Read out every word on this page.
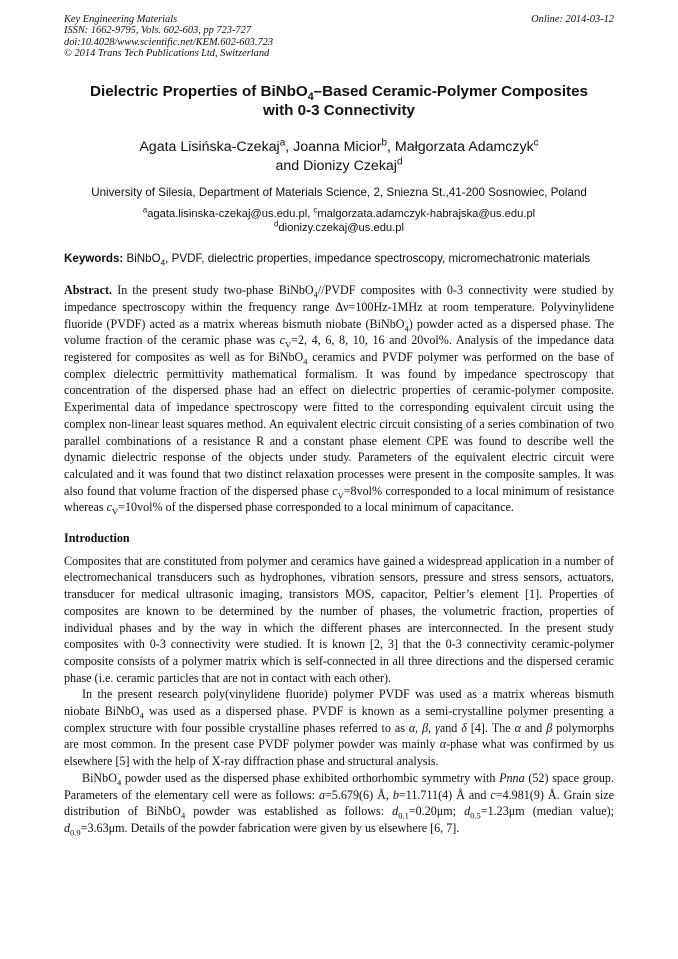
Key Engineering Materials
ISSN: 1662-9795, Vols. 602-603, pp 723-727
doi:10.4028/www.scientific.net/KEM.602-603.723
© 2014 Trans Tech Publications Ltd, Switzerland
Online: 2014-03-12
Dielectric Properties of BiNbO$_4$–Based Ceramic-Polymer Composites
with 0-3 Connectivity
Agata Lisińska-Czekaj$^a$, Joanna Micior$^b$, Małgorzata Adamczyk$^c$
and Dionizy Czekaj$^d$
University of Silesia, Department of Materials Science, 2, Sniezna St.,41-200 Sosnowiec, Poland
$^a$agata.lisinska-czekaj@us.edu.pl, $^c$malgorzata.adamczyk-habrajska@us.edu.pl
$^d$dionizy.czekaj@us.edu.pl
Keywords: BiNbO$_4$, PVDF, dielectric properties, impedance spectroscopy, micromechatronic materials
Abstract. In the present study two-phase BiNbO$_4$//PVDF composites with 0-3 connectivity were studied by impedance spectroscopy within the frequency range Δν=100Hz-1MHz at room temperature. Polyvinylidene fluoride (PVDF) acted as a matrix whereas bismuth niobate (BiNbO$_4$) powder acted as a dispersed phase. The volume fraction of the ceramic phase was $c_V=2$, 4, 6, 8, 10, 16 and 20vol%. Analysis of the impedance data registered for composites as well as for BiNbO$_4$ ceramics and PVDF polymer was performed on the base of complex dielectric permittivity mathematical formalism. It was found by impedance spectroscopy that concentration of the dispersed phase had an effect on dielectric properties of ceramic-polymer composite. Experimental data of impedance spectroscopy were fitted to the corresponding equivalent circuit using the complex non-linear least squares method. An equivalent electric circuit consisting of a series combination of two parallel combinations of a resistance R and a constant phase element CPE was found to describe well the dynamic dielectric response of the objects under study. Parameters of the equivalent electric circuit were calculated and it was found that two distinct relaxation processes were present in the composite samples. It was also found that volume fraction of the dispersed phase $c_V=8vol\%$ corresponded to a local minimum of resistance whereas $c_V=10vol\%$ of the dispersed phase corresponded to a local minimum of capacitance.
Introduction
Composites that are constituted from polymer and ceramics have gained a widespread application in a number of electromechanical transducers such as hydrophones, vibration sensors, pressure and stress sensors, actuators, transducer for medical ultrasonic imaging, transistors MOS, capacitor, Peltier’s element [1]. Properties of composites are known to be determined by the number of phases, the volumetric fraction, properties of individual phases and by the way in which the different phases are interconnected. In the present study composites with 0-3 connectivity were studied. It is known [2, 3] that the 0-3 connectivity ceramic-polymer composite consists of a polymer matrix which is self-connected in all three directions and the dispersed ceramic phase (i.e. ceramic particles that are not in contact with each other).
In the present research poly(vinylidene fluoride) polymer PVDF was used as a matrix whereas bismuth niobate BiNbO$_4$ was used as a dispersed phase. PVDF is known as a semi-crystalline polymer presenting a complex structure with four possible crystalline phases referred to as α, β, γand δ [4]. The α and β polymorphs are most common. In the present case PVDF polymer powder was mainly α-phase what was confirmed by us elsewhere [5] with the help of X-ray diffraction phase and structural analysis.
BiNbO$_4$ powder used as the dispersed phase exhibited orthorhombic symmetry with Pnna (52) space group. Parameters of the elementary cell were as follows: a=5.679(6) Å, b=11.711(4) Å and c=4.981(9) Å. Grain size distribution of BiNbO$_4$ powder was established as follows: $d_{0.1}=0.20\mu m$; $d_{0.5}=1.23\mu m$ (median value); $d_{0.9}=3.63\mu m$. Details of the powder fabrication were given by us elsewhere [6, 7].
